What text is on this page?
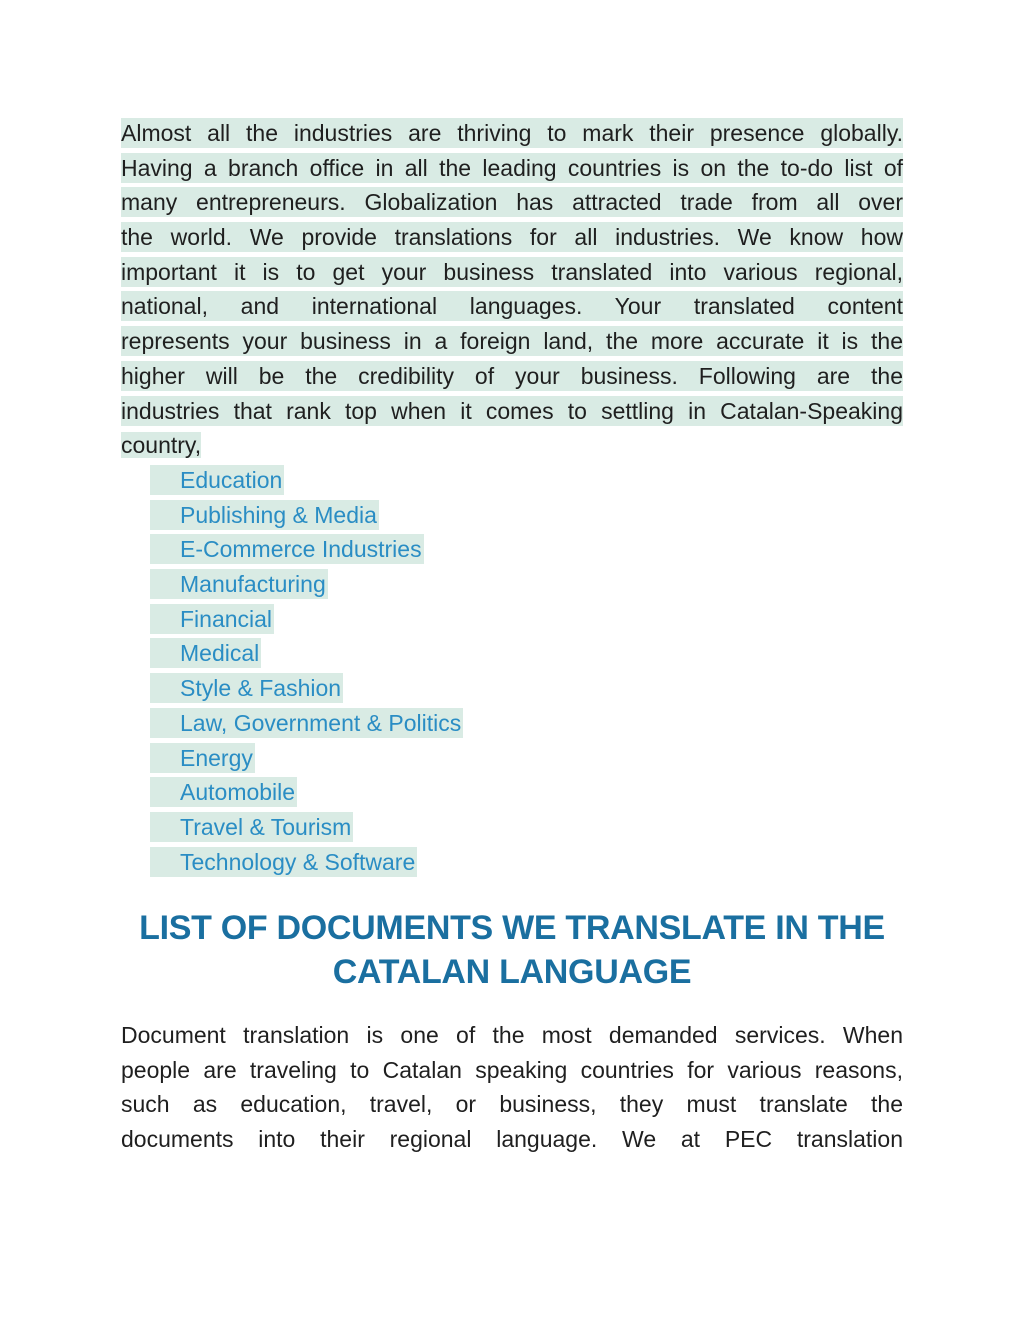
Almost all the industries are thriving to mark their presence globally.
Having a branch office in all the leading countries is on the to-do list of
many entrepreneurs. Globalization has attracted trade from all over
the world. We provide translations for all industries. We know how
important it is to get your business translated into various regional,
national, and international languages. Your translated content
represents your business in a foreign land, the more accurate it is the
higher will be the credibility of your business. Following are the
industries that rank top when it comes to settling in Catalan-Speaking
country,
Education
Publishing & Media
E-Commerce Industries
Manufacturing
Financial
Medical
Style & Fashion
Law, Government & Politics
Energy
Automobile
Travel & Tourism
Technology & Software
LIST OF DOCUMENTS WE TRANSLATE IN THE
CATALAN LANGUAGE
Document translation is one of the most demanded services. When
people are traveling to Catalan speaking countries for various reasons,
such as education, travel, or business, they must translate the
documents into their regional language. We at PEC translation
